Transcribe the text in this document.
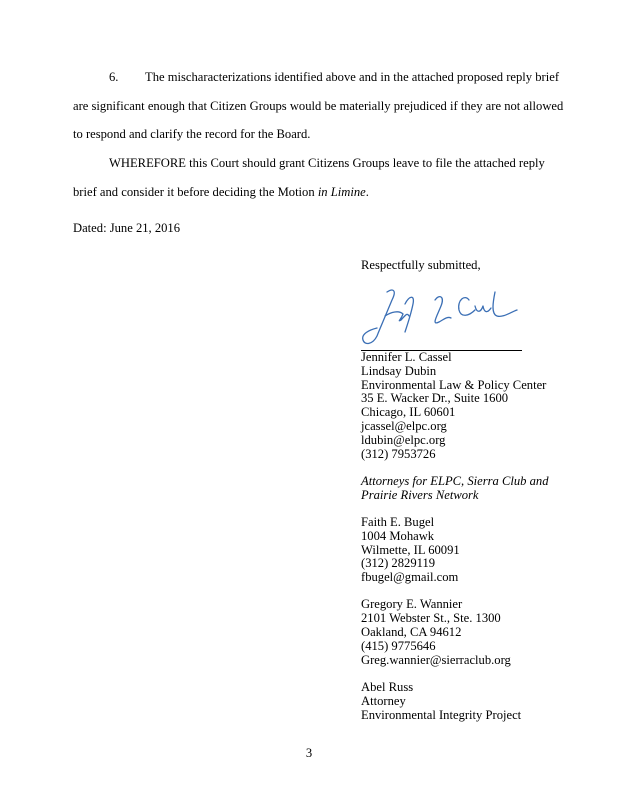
6. The mischaracterizations identified above and in the attached proposed reply brief
are significant enough that Citizen Groups would be materially prejudiced if they are not allowed
to respond and clarify the record for the Board.
WHEREFORE this Court should grant Citizens Groups leave to file the attached reply
brief and consider it before deciding the Motion in Limine.
Dated: June 21, 2016
Respectfully submitted,
Jennifer L. Cassel
Lindsay Dubin
Environmental Law & Policy Center
35 E. Wacker Dr., Suite 1600
Chicago, IL 60601
jcassel@elpc.org
ldubin@elpc.org
(312) 7953726
Attorneys for ELPC, Sierra Club and
Prairie Rivers Network
Faith E. Bugel
1004 Mohawk
Wilmette, IL 60091
(312) 2829119
fbugel@gmail.com
Gregory E. Wannier
2101 Webster St., Ste. 1300
Oakland, CA 94612
(415) 9775646
Greg.wannier@sierraclub.org
Abel Russ
Attorney
Environmental Integrity Project
3
